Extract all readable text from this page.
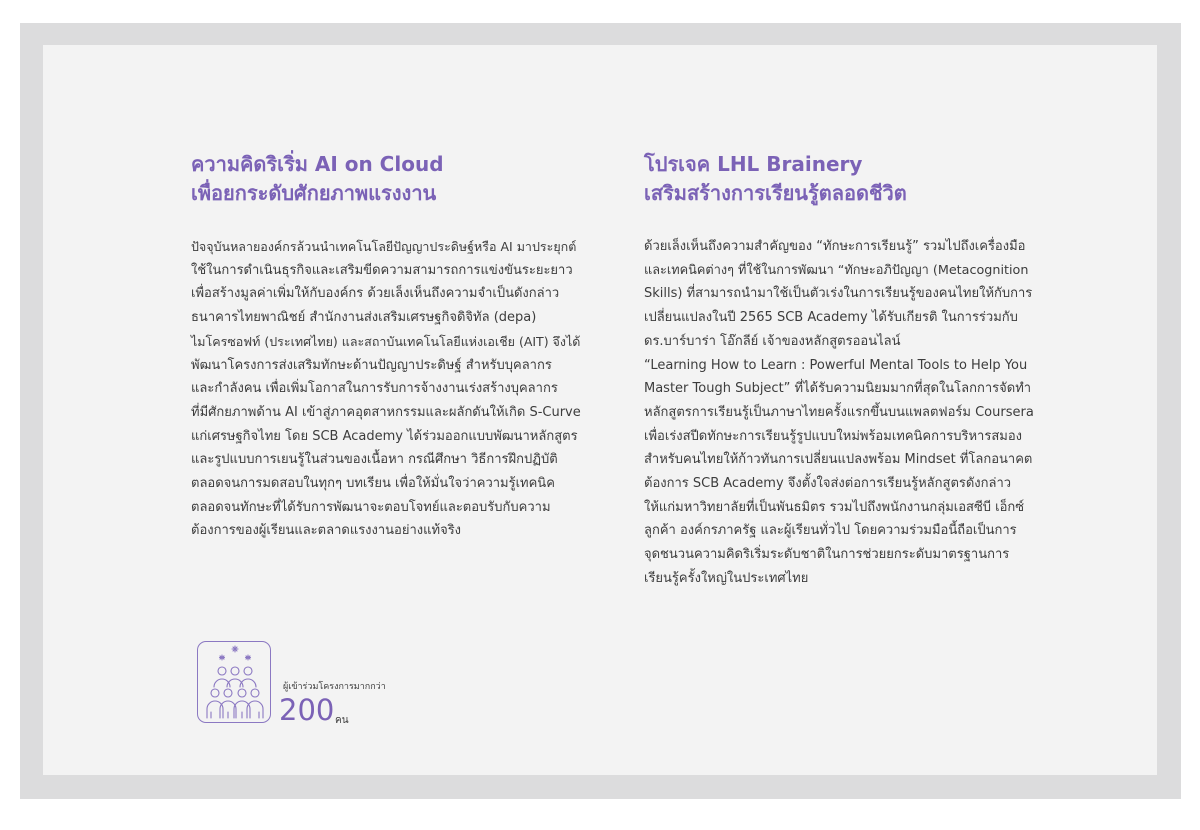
ความคิดริเริ่ม AI on Cloud
เพื่อยกระดับศักยภาพแรงงาน
ปัจจุบันหลายองค์กรล้วนนำเทคโนโลยีปัญญาประดิษฐ์หรือ AI มาประยุกต์
ใช้ในการดำเนินธุรกิจและเสริมขีดความสามารถการแข่งขันระยะยาว
เพื่อสร้างมูลค่าเพิ่มให้กับองค์กร ด้วยเล็งเห็นถึงความจำเป็นดังกล่าว
ธนาคารไทยพาณิชย์ สำนักงานส่งเสริมเศรษฐกิจดิจิทัล (depa)
ไมโครซอฟท์ (ประเทศไทย) และสถาบันเทคโนโลยีแห่งเอเชีย (AIT) จึงได้
พัฒนาโครงการส่งเสริมทักษะด้านปัญญาประดิษฐ์ สำหรับบุคลากร
และกำลังคน เพื่อเพิ่มโอกาสในการรับการจ้างงานเร่งสร้างบุคลากร
ที่มีศักยภาพด้าน AI เข้าสู่ภาคอุตสาหกรรมและผลักดันให้เกิด S-Curve
แก่เศรษฐกิจไทย โดย SCB Academy ได้ร่วมออกแบบพัฒนาหลักสูตร
และรูปแบบการเยนรู้ในส่วนของเนื้อหา กรณีศึกษา วิธีการฝึกปฏิบัติ
ตลอดจนการมดสอบในทุกๆ บทเรียน เพื่อให้มั่นใจว่าความรู้เทคนิค
ตลอดจนทักษะที่ได้รับการพัฒนาจะตอบโจทย์และตอบรับกับความ
ต้องการของผู้เรียนและตลาดแรงงานอย่างแท้จริง
โปรเจค LHL Brainery
เสริมสร้างการเรียนรู้ตลอดชีวิต
ด้วยเล็งเห็นถึงความสำคัญของ “ทักษะการเรียนรู้” รวมไปถึงเครื่องมือ
และเทคนิคต่างๆ ที่ใช้ในการพัฒนา “ทักษะอภิปัญญา (Metacognition
Skills) ที่สามารถนำมาใช้เป็นตัวเร่งในการเรียนรู้ของคนไทยให้กับการ
เปลี่ยนแปลงในปี 2565 SCB Academy ได้รับเกียรติ ในการร่วมกับ
ดร.บาร์บาร่า โอ๊กลีย์ เจ้าของหลักสูตรออนไลน์
“Learning How to Learn : Powerful Mental Tools to Help You
Master Tough Subject” ที่ได้รับความนิยมมากที่สุดในโลกการจัดทำ
หลักสูตรการเรียนรู้เป็นภาษาไทยครั้งแรกขึ้นบนแพลตฟอร์ม Coursera
เพื่อเร่งสปีดทักษะการเรียนรู้รูปแบบใหม่พร้อมเทคนิคการบริหารสมอง
สำหรับคนไทยให้ก้าวทันการเปลี่ยนแปลงพร้อม Mindset ที่โลกอนาคต
ต้องการ SCB Academy จึงตั้งใจส่งต่อการเรียนรู้หลักสูตรดังกล่าว
ให้แก่มหาวิทยาลัยที่เป็นพันธมิตร รวมไปถึงพนักงานกลุ่มเอสซีบี เอ็กซ์
ลูกค้า องค์กรภาครัฐ และผู้เรียนทั่วไป โดยความร่วมมือนี้ถือเป็นการ
จุดชนวนความคิดริเริ่มระดับชาติในการช่วยยกระดับมาตรฐานการ
เรียนรู้ครั้งใหญ่ในประเทศไทย
ผู้เข้าร่วมโครงการมากกว่า
200 คน
